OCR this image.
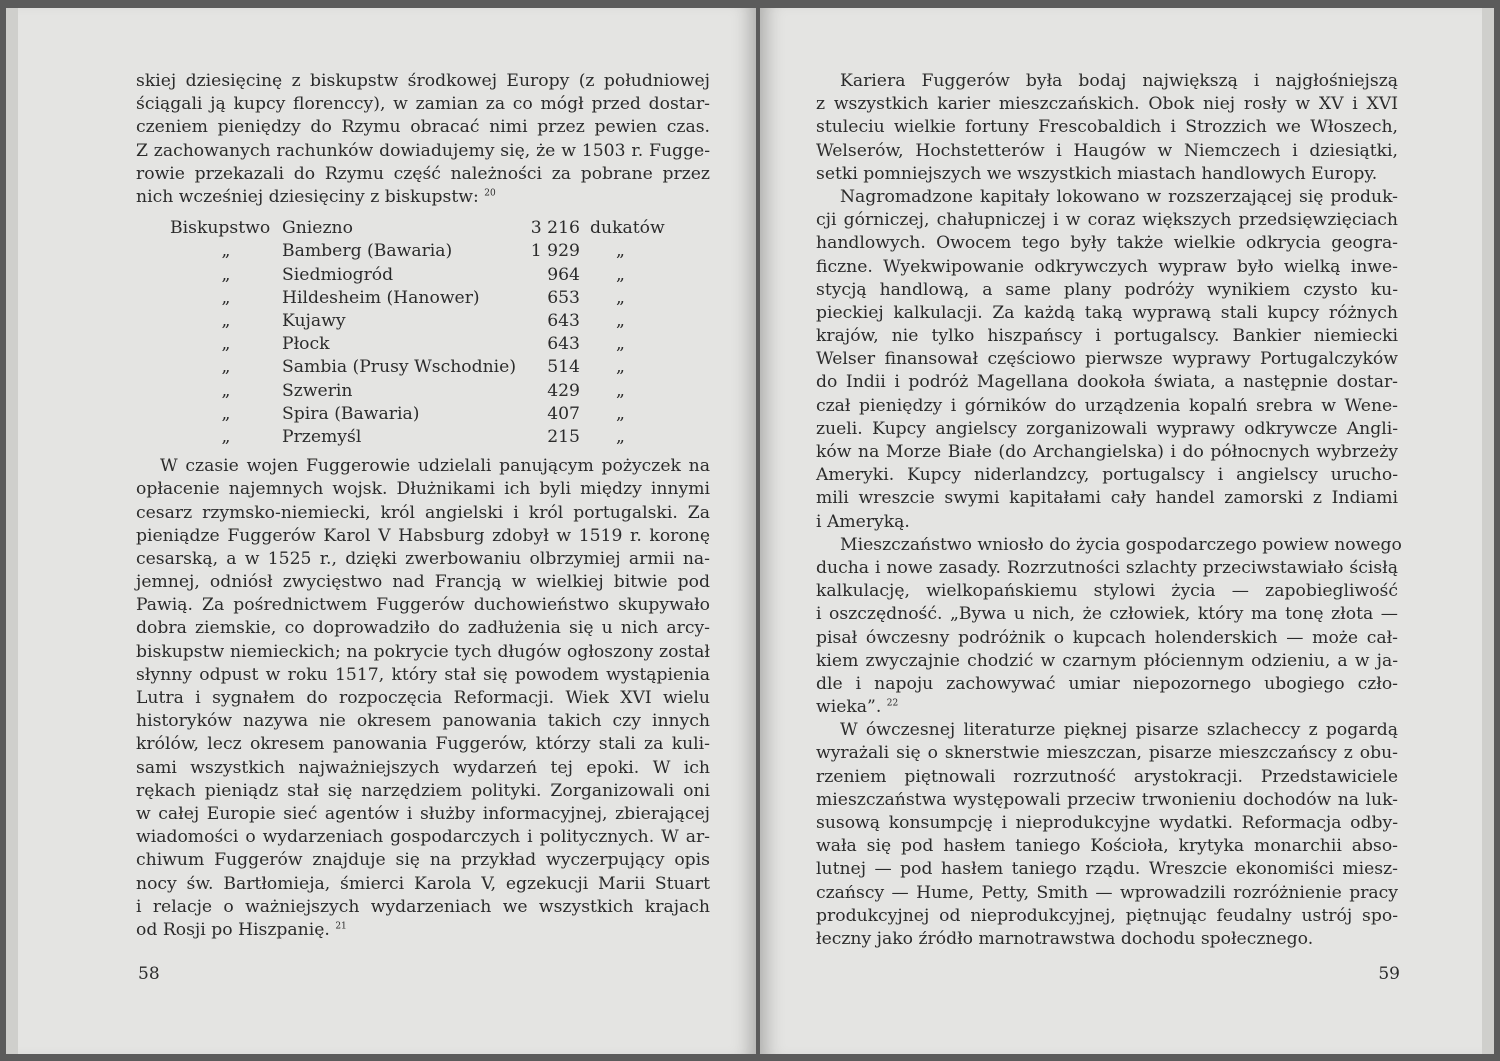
skiej dziesięcinę z biskupstw środkowej Europy (z południowej
ściągali ją kupcy florenccy), w zamian za co mógł przed dostar-
czeniem pieniędzy do Rzymu obracać nimi przez pewien czas.
Z zachowanych rachunków dowiadujemy się, że w 1503 r. Fugge-
rowie przekazali do Rzymu część należności za pobrane przez
nich wcześniej dziesięciny z biskupstw: $^{20}$
Biskupstwo	Gniezno	3 216	dukatów
„	Bamberg (Bawaria)	1 929	„
„	Siedmiogród	964	„
„	Hildesheim (Hanower)	653	„
„	Kujawy	643	„
„	Płock	643	„
„	Sambia (Prusy Wschodnie)	514	„
„	Szwerin	429	„
„	Spira (Bawaria)	407	„
„	Przemyśl	215	„
W czasie wojen Fuggerowie udzielali panującym pożyczek na
opłacenie najemnych wojsk. Dłużnikami ich byli między innymi
cesarz rzymsko-niemiecki, król angielski i król portugalski. Za
pieniądze Fuggerów Karol V Habsburg zdobył w 1519 r. koronę
cesarską, a w 1525 r., dzięki zwerbowaniu olbrzymiej armii na-
jemnej, odniósł zwycięstwo nad Francją w wielkiej bitwie pod
Pawią. Za pośrednictwem Fuggerów duchowieństwo skupywało
dobra ziemskie, co doprowadziło do zadłużenia się u nich arcy-
biskupstw niemieckich; na pokrycie tych długów ogłoszony został
słynny odpust w roku 1517, który stał się powodem wystąpienia
Lutra i sygnałem do rozpoczęcia Reformacji. Wiek XVI wielu
historyków nazywa nie okresem panowania takich czy innych
królów, lecz okresem panowania Fuggerów, którzy stali za kuli-
sami wszystkich najważniejszych wydarzeń tej epoki. W ich
rękach pieniądz stał się narzędziem polityki. Zorganizowali oni
w całej Europie sieć agentów i służby informacyjnej, zbierającej
wiadomości o wydarzeniach gospodarczych i politycznych. W ar-
chiwum Fuggerów znajduje się na przykład wyczerpujący opis
nocy św. Bartłomieja, śmierci Karola V, egzekucji Marii Stuart
i relacje o ważniejszych wydarzeniach we wszystkich krajach
od Rosji po Hiszpanię. $^{21}$
58
Kariera Fuggerów była bodaj największą i najgłośniejszą
z wszystkich karier mieszczańskich. Obok niej rosły w XV i XVI
stuleciu wielkie fortuny Frescobaldich i Strozzich we Włoszech,
Welserów, Hochstetterów i Haugów w Niemczech i dziesiątki,
setki pomniejszych we wszystkich miastach handlowych Europy.
Nagromadzone kapitały lokowano w rozszerzającej się produk-
cji górniczej, chałupniczej i w coraz większych przedsięwzięciach
handlowych. Owocem tego były także wielkie odkrycia geogra-
ficzne. Wyekwipowanie odkrywczych wypraw było wielką inwe-
stycją handlową, a same plany podróży wynikiem czysto ku-
pieckiej kalkulacji. Za każdą taką wyprawą stali kupcy różnych
krajów, nie tylko hiszpańscy i portugalscy. Bankier niemiecki
Welser finansował częściowo pierwsze wyprawy Portugalczyków
do Indii i podróż Magellana dookoła świata, a następnie dostar-
czał pieniędzy i górników do urządzenia kopalń srebra w Wene-
zueli. Kupcy angielscy zorganizowali wyprawy odkrywcze Angli-
ków na Morze Białe (do Archangielska) i do północnych wybrzeży
Ameryki. Kupcy niderlandzcy, portugalscy i angielscy urucho-
mili wreszcie swymi kapitałami cały handel zamorski z Indiami
i Ameryką.
Mieszczaństwo wniosło do życia gospodarczego powiew nowego
ducha i nowe zasady. Rozrzutności szlachty przeciwstawiało ścisłą
kalkulację, wielkopańskiemu stylowi życia — zapobiegliwość
i oszczędność. „Bywa u nich, że człowiek, który ma tonę złota —
pisał ówczesny podróżnik o kupcach holenderskich — może cał-
kiem zwyczajnie chodzić w czarnym płóciennym odzieniu, a w ja-
dle i napoju zachowywać umiar niepozornego ubogiego czło-
wieka”. $^{22}$
W ówczesnej literaturze pięknej pisarze szlacheccy z pogardą
wyrażali się o sknerstwie mieszczan, pisarze mieszczańscy z obu-
rzeniem piętnowali rozrzutność arystokracji. Przedstawiciele
mieszczaństwa występowali przeciw trwonieniu dochodów na luk-
susową konsumpcję i nieprodukcyjne wydatki. Reformacja odby-
wała się pod hasłem taniego Kościoła, krytyka monarchii abso-
lutnej — pod hasłem taniego rządu. Wreszcie ekonomiści miesz-
czańscy — Hume, Petty, Smith — wprowadzili rozróżnienie pracy
produkcyjnej od nieprodukcyjnej, piętnując feudalny ustrój spo-
łeczny jako źródło marnotrawstwa dochodu społecznego.
59
